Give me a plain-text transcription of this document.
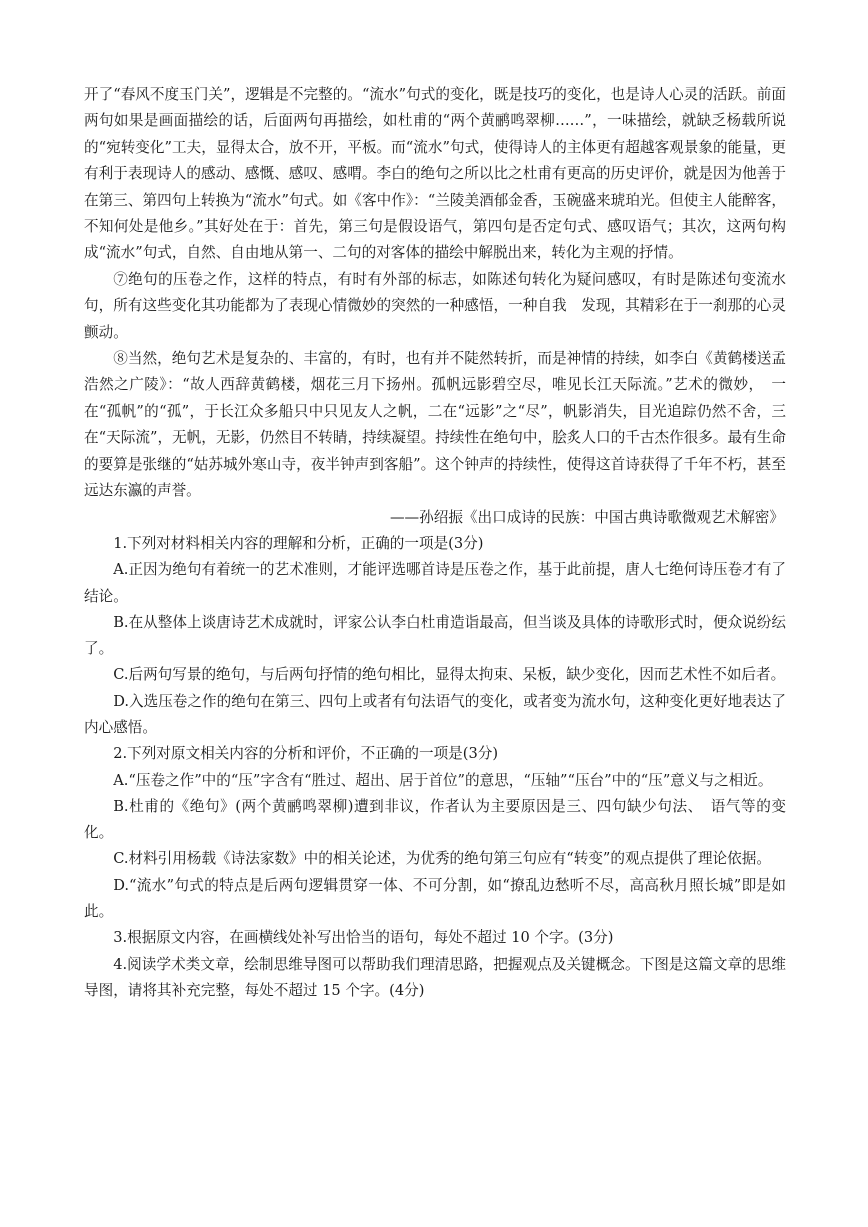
开了“春风不度玉门关”，逻辑是不完整的。“流水”句式的变化，既是技巧的变化，也是诗人心灵的活跃。前面两句如果是画面描绘的话，后面两句再描绘，如杜甫的“两个黄鹂鸣翠柳……”，一味描绘，就缺乏杨载所说的“宛转变化”工夫，显得太合，放不开，平板。而“流水”句式，使得诗人的主体更有超越客观景象的能量，更有利于表现诗人的感动、感慨、感叹、感喟。李白的绝句之所以比之杜甫有更高的历史评价，就是因为他善于在第三、第四句上转换为“流水”句式。如《客中作》：“兰陵美酒郁金香，玉碗盛来琥珀光。但使主人能醉客，不知何处是他乡。”其好处在于：首先，第三句是假设语气，第四句是否定句式、感叹语气；其次，这两句构成“流水”句式，自然、自由地从第一、二句的对客体的描绘中解脱出来，转化为主观的抒情。

⑦绝句的压卷之作，这样的特点，有时有外部的标志，如陈述句转化为疑问感叹，有时是陈述句变流水句，所有这些变化其功能都为了表现心情微妙的突然的一种感悟，一种自我　发现，其精彩在于一刹那的心灵颤动。

⑧当然，绝句艺术是复杂的、丰富的，有时，也有并不陡然转折，而是神情的持续，如李白《黄鹤楼送孟浩然之广陵》：“故人西辞黄鹤楼，烟花三月下扬州。孤帆远影碧空尽，唯见长江天际流。”艺术的微妙，　一在“孤帆”的“孤”，于长江众多船只中只见友人之帆，二在“远影”之“尽”，帆影消失，目光追踪仍然不舍，三在“天际流”，无帆，无影，仍然目不转睛，持续凝望。持续性在绝句中，脍炙人口的千古杰作很多。最有生命的要算是张继的“姑苏城外寒山寺，夜半钟声到客船”。这个钟声的持续性，使得这首诗获得了千年不朽，甚至远达东瀛的声誉。

——孙绍振《出口成诗的民族：中国古典诗歌微观艺术解密》

1.下列对材料相关内容的理解和分析，正确的一项是(3分)

A.正因为绝句有着统一的艺术准则，才能评选哪首诗是压卷之作，基于此前提，唐人七绝何诗压卷才有了结论。

B.在从整体上谈唐诗艺术成就时，评家公认李白杜甫造诣最高，但当谈及具体的诗歌形式时，便众说纷纭了。

C.后两句写景的绝句，与后两句抒情的绝句相比，显得太拘束、呆板，缺少变化，因而艺术性不如后者。

D.入选压卷之作的绝句在第三、四句上或者有句法语气的变化，或者变为流水句，这种变化更好地表达了内心感悟。

2.下列对原文相关内容的分析和评价，不正确的一项是(3分)

A.“压卷之作”中的“压”字含有“胜过、超出、居于首位”的意思，“压轴”“压台”中的“压”意义与之相近。

B.杜甫的《绝句》(两个黄鹂鸣翠柳)遭到非议，作者认为主要原因是三、四句缺少句法、　语气等的变化。

C.材料引用杨载《诗法家数》中的相关论述，为优秀的绝句第三句应有“转变”的观点提供了理论依据。

D.“流水”句式的特点是后两句逻辑贯穿一体、不可分割，如“撩乱边愁听不尽，高高秋月照长城”即是如此。

3.根据原文内容，在画横线处补写出恰当的语句，每处不超过 10 个字。(3分)

4.阅读学术类文章，绘制思维导图可以帮助我们理清思路，把握观点及关键概念。下图是这篇文章的思维导图，请将其补充完整，每处不超过 15 个字。(4分)
